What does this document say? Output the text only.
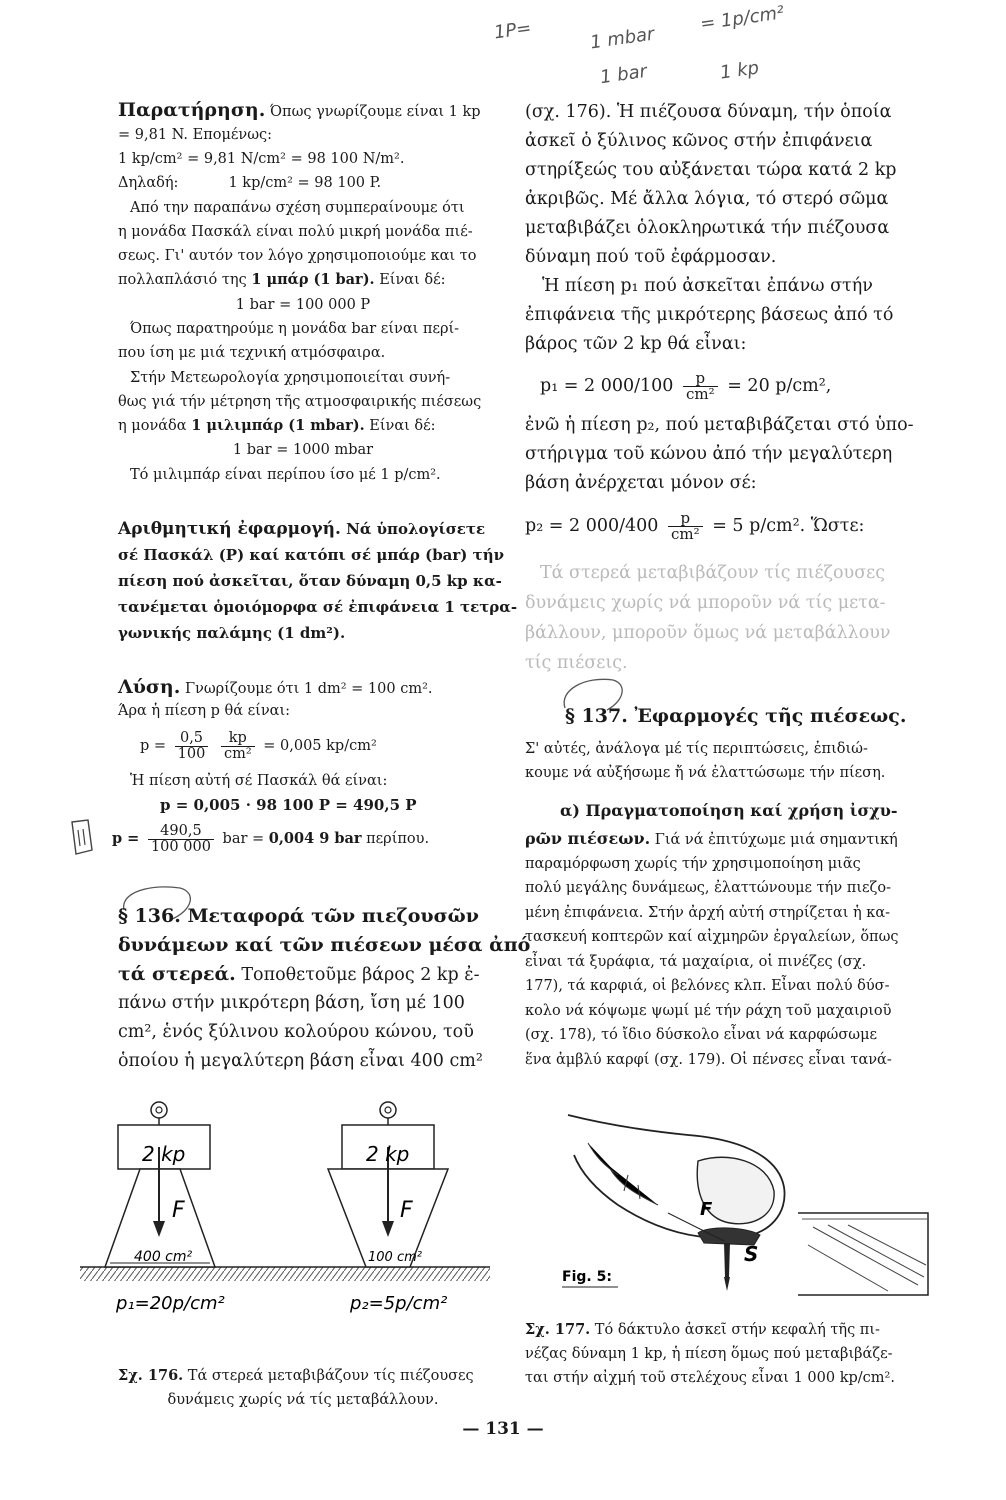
1P=	1 mbar
= 1p/cm²
1 bar	1 kp
Παρατήρηση. Όπως γνωρίζουμε είναι 1 kp
= 9,81 N. Επομένως:
1 kp/cm² = 9,81 N/cm² = 98 100 N/m².
Δηλαδή:	1 kp/cm² = 98 100 P.
Από την παραπάνω σχέση συμπεραίνουμε ότι
η μονάδα Πασκάλ είναι πολύ μικρή μονάδα πιέ-
σεως. Γι' αυτόν τον λόγο χρησιμοποιούμε και το
πολλαπλάσιό της 1 μπάρ (1 bar). Είναι δέ:
1 bar = 100 000 P
Όπως παρατηρούμε η μονάδα bar είναι περί-
που ίση με μιά τεχνική ατμόσφαιρα.
Στήν Μετεωρολογία χρησιμοποιείται συνή-
θως γιά τήν μέτρηση τῆς ατμοσφαιρικής πιέσεως
η μονάδα 1 μιλιμπάρ (1 mbar). Είναι δέ:
1 bar = 1000 mbar
Τό μιλιμπάρ είναι περίπου ίσο μέ 1 p/cm².
Αριθμητική ἐφαρμογή. Νά ὑπολογίσετε
σέ Πασκάλ (P) καί κατόπι σέ μπάρ (bar) τήν
πίεση πού ἀσκεῖται, ὅταν δύναμη 0,5 kp κα-
τανέμεται ὁμοιόμορφα σέ ἐπιφάνεια 1 τετρα-
γωνικής παλάμης (1 dm²).
Λύση. Γνωρίζουμε ότι 1 dm² = 100 cm².
Άρα ἡ πίεση p θά είναι:
$p = \frac{0,5}{100}$
$\frac{kp}{\text{cm²}} = 0,005$ kp/cm²
Ἡ πίεση αὐτή σέ Πασκάλ θά είναι:
p = 0,005 · 98 100 P = 490,5 P
$p = \frac{490,5}{100 000}$ bar = 0,004 9 bar περίπου.
§ 136. Μεταφορά τῶν πιεζουσῶν
δυνάμεων καί τῶν πιέσεων μέσα ἀπό
τά στερεά. Τοποθετοῦμε βάρος 2 kp ἐ-
πάνω στήν μικρότερη βάση, ἴση μέ 100
cm², ἑνός ξύλινου κολούρου κώνου, τοῦ
ὁποίου ἡ μεγαλύτερη βάση εἶναι 400 cm²
(σχ. 176). Ἡ πιέζουσα δύναμη, τήν ὁποία
ἀσκεῖ ὁ ξύλινος κῶνος στήν ἐπιφάνεια
στηρίξεώς του αὐξάνεται τώρα κατά 2 kp
ἀκριβῶς. Μέ ἄλλα λόγια, τό στερό σῶμα
μεταβιβάζει ὁλοκληρωτικά τήν πιέζουσα
δύναμη πού τοῦ ἐφάρμοσαν.
Ἡ πίεση p₁ πού ἀσκεῖται ἐπάνω στήν
ἐπιφάνεια τῆς μικρότερης βάσεως ἀπό τό
βάρος τῶν 2 kp θά εἶναι:
p₁ = 2 $000/100 \frac{p}{\text{cm²}} = 20$ p/cm²,
ἐνῶ ἡ πίεση p₂, πού μεταβιβάζεται στό ὑπο-
στήριγμα τοῦ κώνου ἀπό τήν μεγαλύτερη
βάση ἀνέρχεται μόνον σέ:
p₂ = 2 $000/400 \frac{p}{\text{cm²}} = 5$ p/cm². Ὥστε:
Τά στερεά μεταβιβάζουν τίς πιέζουσες
δυνάμεις χωρίς νά μποροῦν νά τίς μετα-
βάλλουν, μποροῦν ὅμως νά μεταβάλλουν
τίς πιέσεις.
§ 137. Ἐφαρμογές τῆς πιέσεως.
Σ' αὐτές, ἀνάλογα μέ τίς περιπτώσεις, ἐπιδιώ-
κουμε νά αὐξήσωμε ἤ νά ἐλαττώσωμε τήν πίεση.
α) Πραγματοποίηση καί χρήση ἰσχυ-
ρῶν πιέσεων. Γιά νά ἐπιτύχωμε μιά σημαντική
παραμόρφωση χωρίς τήν χρησιμοποίηση μιᾶς
πολύ μεγάλης δυνάμεως, ἐλαττώνουμε τήν πιεζο-
μένη ἐπιφάνεια. Στήν ἀρχή αὐτή στηρίζεται ἡ κα-
τασκευή κοπτερῶν καί αἰχμηρῶν ἐργαλείων, ὅπως
εἶναι τά ξυράφια, τά μαχαίρια, οἱ πινέζες (σχ.
177), τά καρφιά, οἱ βελόνες κλπ. Εἶναι πολύ δύσ-
κολο νά κόψωμε ψωμί μέ τήν ράχη τοῦ μαχαιριοῦ
(σχ. 178), τό ἴδιο δύσκολο εἶναι νά καρφώσωμε
ἕνα ἀμβλύ καρφί (σχ. 179). Οἱ πένσες εἶναι τανά-
2 kp	2 kp
F	F
400 cm²	100 cm²
p₁=20p/cm²	p₂=5p/cm²
Σχ. 176. Τά στερεά μεταβιβάζουν τίς πιέζουσες
δυνάμεις χωρίς νά τίς μεταβάλλουν.
F
S
Fig. 5:
Σχ. 177. Τό δάκτυλο ἀσκεῖ στήν κεφαλή τῆς πι-
νέζας δύναμη 1 kp, ἡ πίεση ὅμως πού μεταβιβάζε-
ται στήν αἰχμή τοῦ στελέχους εἶναι 1 000 kp/cm².
— 131 —
